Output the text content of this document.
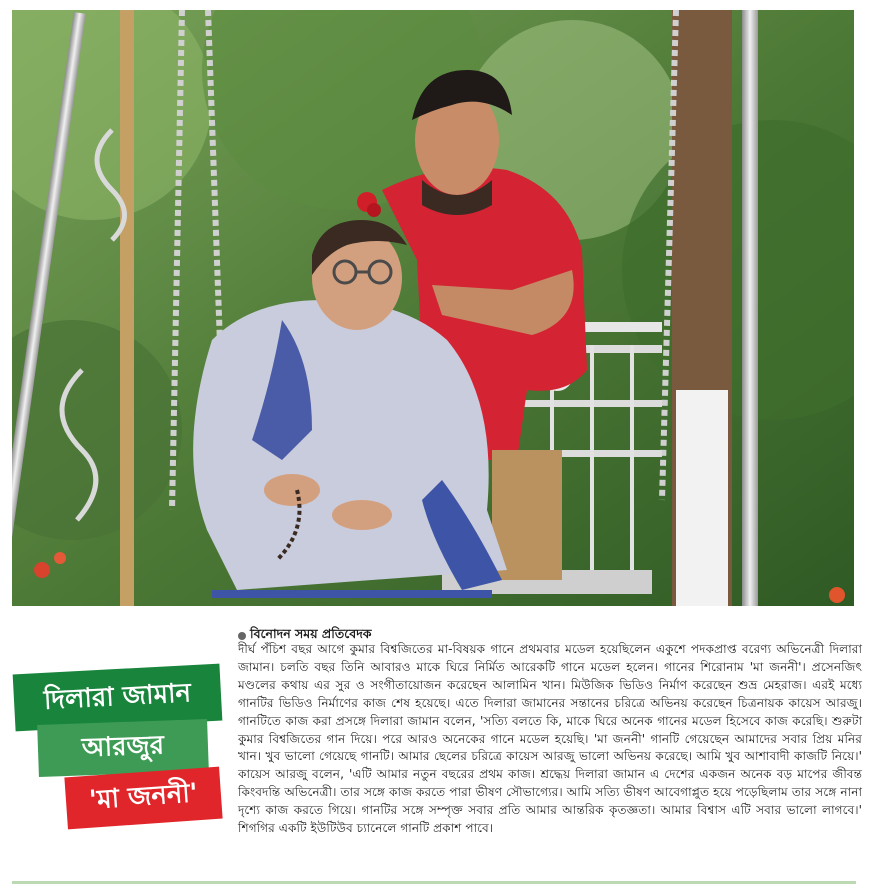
দিলারা জামান
আরজুর
'মা জননী'
বিনোদন সময় প্রতিবেদক

দীর্ঘ পঁচিশ বছর আগে কুমার বিশ্বজিতের মা-বিষয়ক গানে প্রথমবার মডেল হয়েছিলেন একুশে পদকপ্রাপ্ত বরেণ্য অভিনেত্রী দিলারা জামান। চলতি বছর তিনি আবারও মাকে ঘিরে নির্মিত আরেকটি গানে মডেল হলেন। গানের শিরোনাম 'মা জননী'। প্রসেনজিৎ মণ্ডলের কথায় এর সুর ও সংগীতায়োজন করেছেন আলামিন খান। মিউজিক ভিডিও নির্মাণ করেছেন শুভ্র মেহরাজ। এরই মধ্যে গানটির ভিডিও নির্মাণের কাজ শেষ হয়েছে। এতে দিলারা জামানের সন্তানের চরিত্রে অভিনয় করেছেন চিত্রনায়ক কায়েস আরজু। গানটিতে কাজ করা প্রসঙ্গে দিলারা জামান বলেন, 'সত্যি বলতে কি, মাকে ঘিরে অনেক গানের মডেল হিসেবে কাজ করেছি। শুরুটা কুমার বিশ্বজিতের গান দিয়ে। পরে আরও অনেকের গানে মডেল হয়েছি। 'মা জননী' গানটি গেয়েছেন আমাদের সবার প্রিয় মনির খান। খুব ভালো গেয়েছে গানটি। আমার ছেলের চরিত্রে কায়েস আরজু ভালো অভিনয় করেছে। আমি খুব আশাবাদী কাজটি নিয়ে।' কায়েস আরজু বলেন, 'এটি আমার নতুন বছরের প্রথম কাজ। শ্রদ্ধেয় দিলারা জামান এ দেশের একজন অনেক বড় মাপের জীবন্ত কিংবদন্তি অভিনেত্রী। তার সঙ্গে কাজ করতে পারা ভীষণ সৌভাগ্যের। আমি সত্যি ভীষণ আবেগাপ্লুত হয়ে পড়েছিলাম তার সঙ্গে নানা দৃশ্যে কাজ করতে গিয়ে। গানটির সঙ্গে সম্পৃক্ত সবার প্রতি আমার আন্তরিক কৃতজ্ঞতা। আমার বিশ্বাস এটি সবার ভালো লাগবে।' শিগগির একটি ইউটিউব চ্যানেলে গানটি প্রকাশ পাবে।
